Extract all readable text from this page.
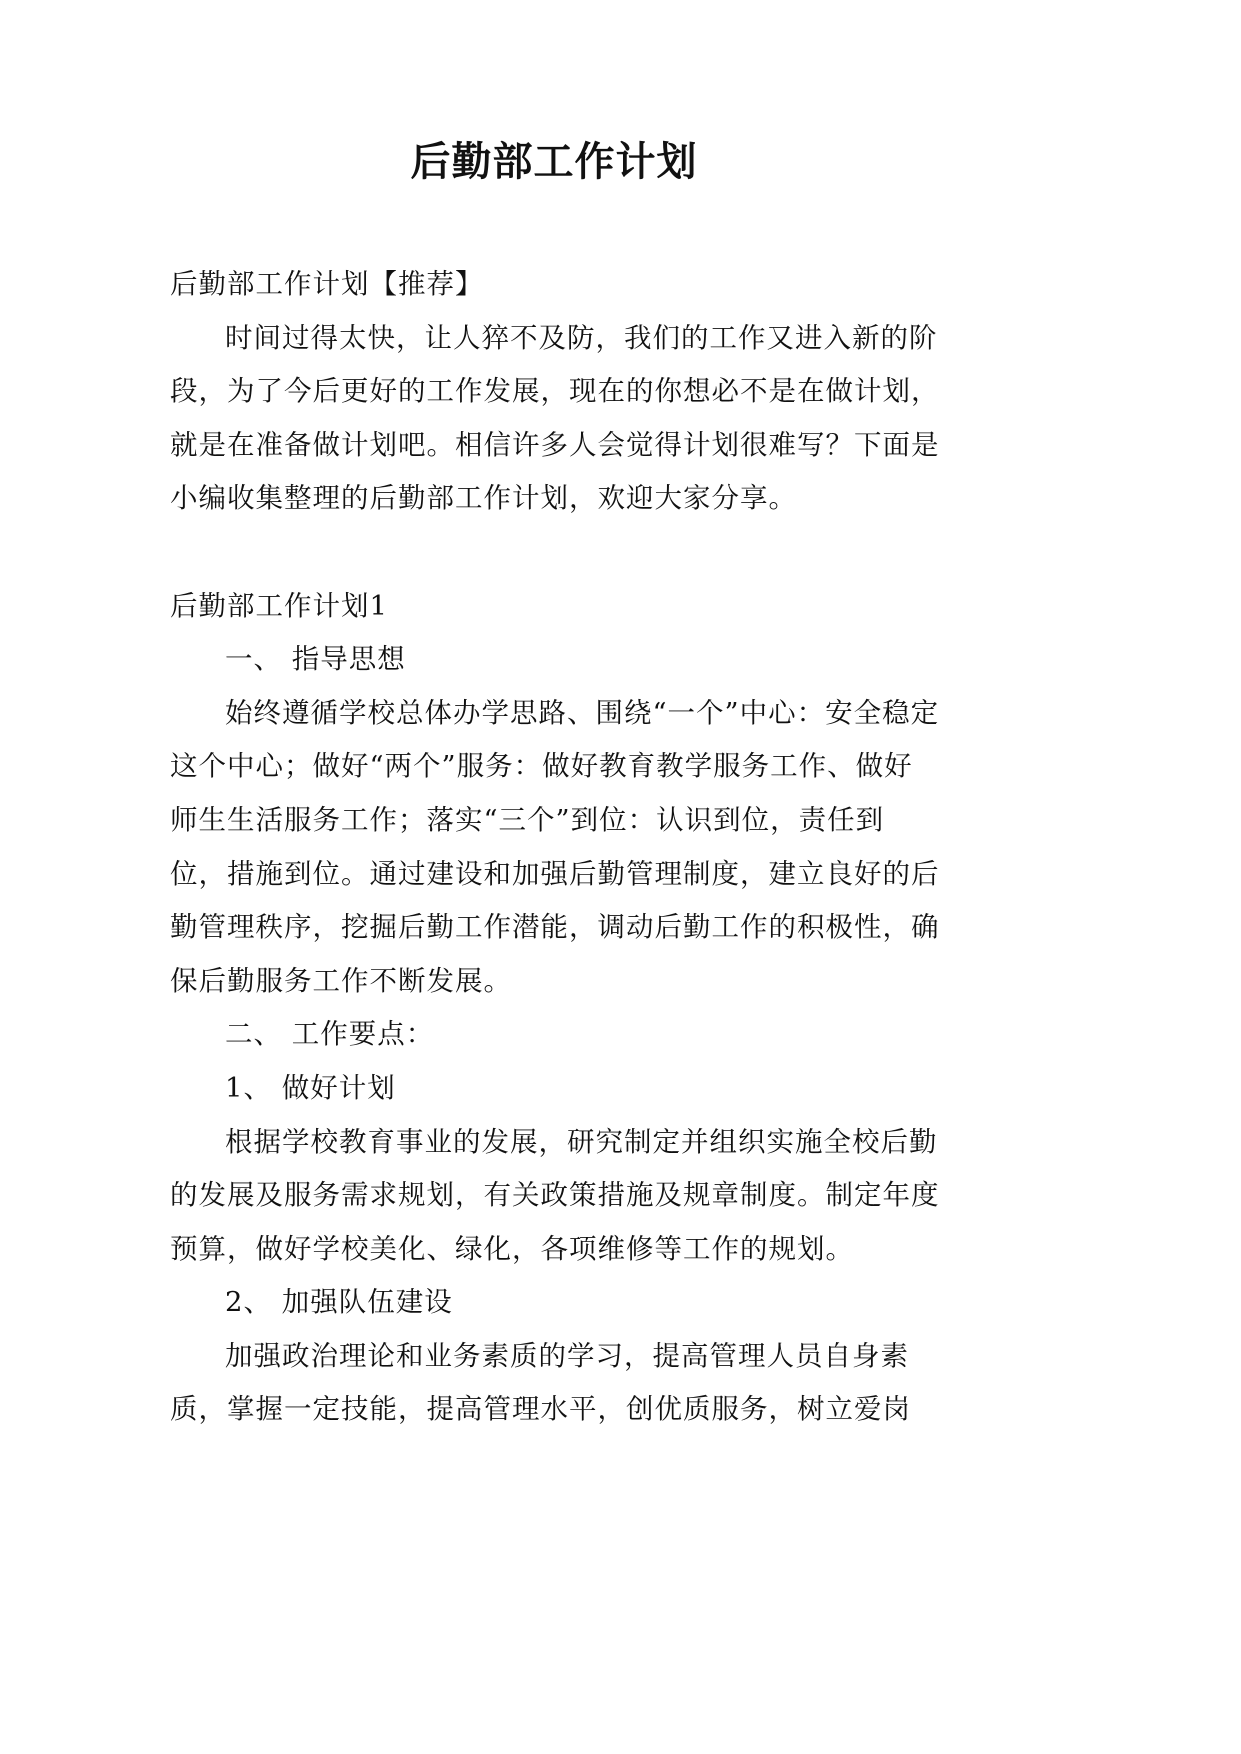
后勤部工作计划

后勤部工作计划【推荐】

时间过得太快，让人猝不及防，我们的工作又进入新的阶段，为了今后更好的工作发展，现在的你想必不是在做计划，就是在准备做计划吧。相信许多人会觉得计划很难写？下面是小编收集整理的后勤部工作计划，欢迎大家分享。

后勤部工作计划1

一、 指导思想

始终遵循学校总体办学思路、围绕“一个”中心：安全稳定这个中心；做好“两个”服务：做好教育教学服务工作、做好师生生活服务工作；落实“三个”到位：认识到位，责任到位，措施到位。通过建设和加强后勤管理制度，建立良好的后勤管理秩序，挖掘后勤工作潜能，调动后勤工作的积极性，确保后勤服务工作不断发展。

二、 工作要点：

1、 做好计划

根据学校教育事业的发展，研究制定并组织实施全校后勤的发展及服务需求规划，有关政策措施及规章制度。制定年度预算，做好学校美化、绿化，各项维修等工作的规划。

2、 加强队伍建设

加强政治理论和业务素质的学习，提高管理人员自身素质，掌握一定技能，提高管理水平，创优质服务，树立爱岗
